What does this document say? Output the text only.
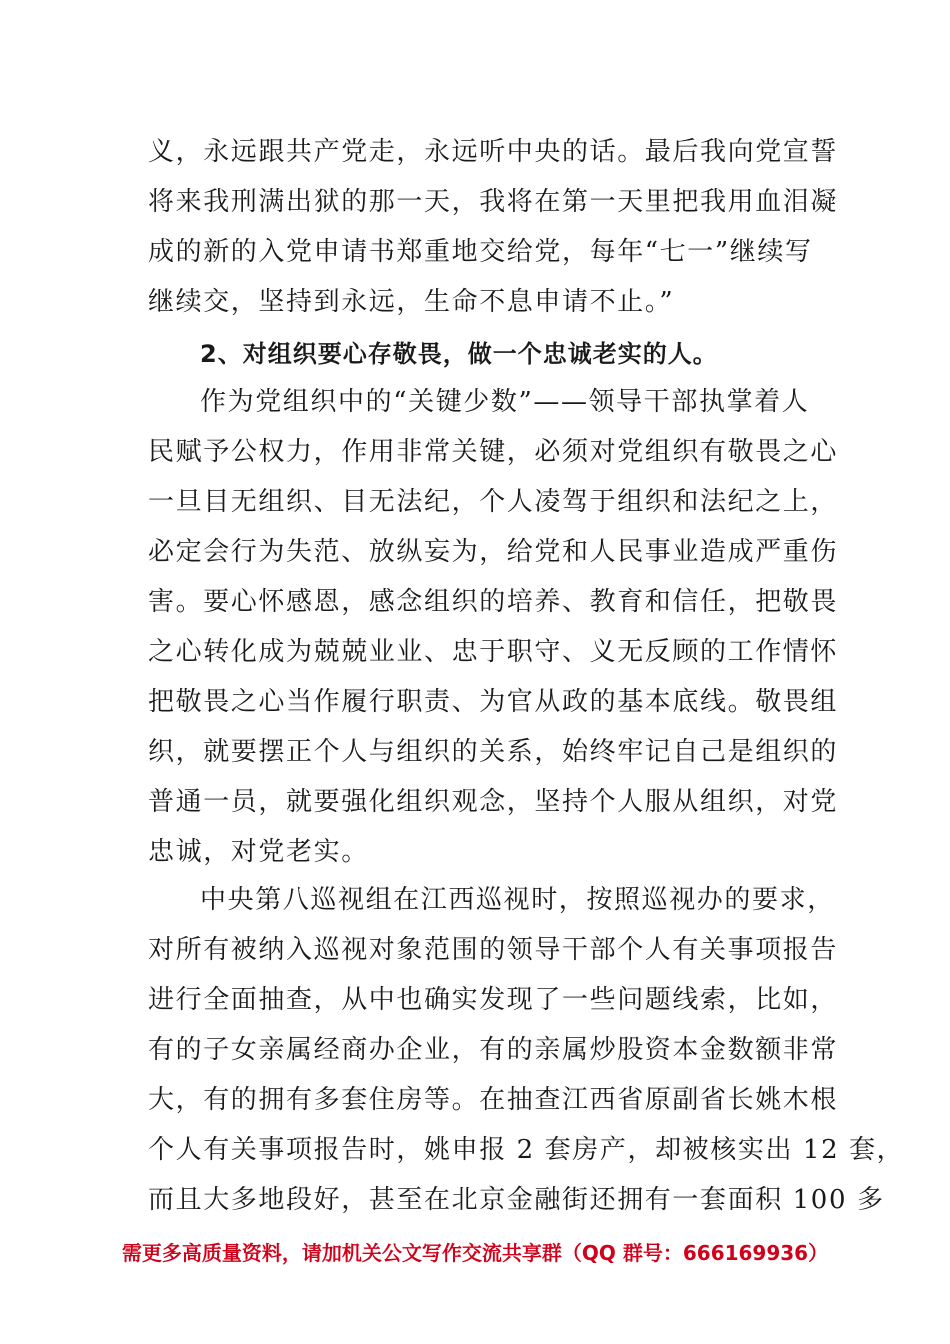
义，永远跟共产党走，永远听中央的话。最后我向党宣誓
将来我刑满出狱的那一天，我将在第一天里把我用血泪凝
成的新的入党申请书郑重地交给党，每年“七一”继续写
继续交，坚持到永远，生命不息申请不止。”
2、对组织要心存敬畏，做一个忠诚老实的人。
作为党组织中的“关键少数”——领导干部执掌着人
民赋予公权力，作用非常关键，必须对党组织有敬畏之心
一旦目无组织、目无法纪，个人凌驾于组织和法纪之上，
必定会行为失范、放纵妄为，给党和人民事业造成严重伤
害。要心怀感恩，感念组织的培养、教育和信任，把敬畏
之心转化成为兢兢业业、忠于职守、义无反顾的工作情怀
把敬畏之心当作履行职责、为官从政的基本底线。敬畏组
织，就要摆正个人与组织的关系，始终牢记自己是组织的
普通一员，就要强化组织观念，坚持个人服从组织，对党
忠诚，对党老实。
中央第八巡视组在江西巡视时，按照巡视办的要求，
对所有被纳入巡视对象范围的领导干部个人有关事项报告
进行全面抽查，从中也确实发现了一些问题线索，比如，
有的子女亲属经商办企业，有的亲属炒股资本金数额非常
大，有的拥有多套住房等。在抽查江西省原副省长姚木根
个人有关事项报告时，姚申报 2 套房产，却被核实出 12 套，
而且大多地段好，甚至在北京金融街还拥有一套面积 100 多
需更多高质量资料，请加机关公文写作交流共享群（QQ 群号：666169936）
